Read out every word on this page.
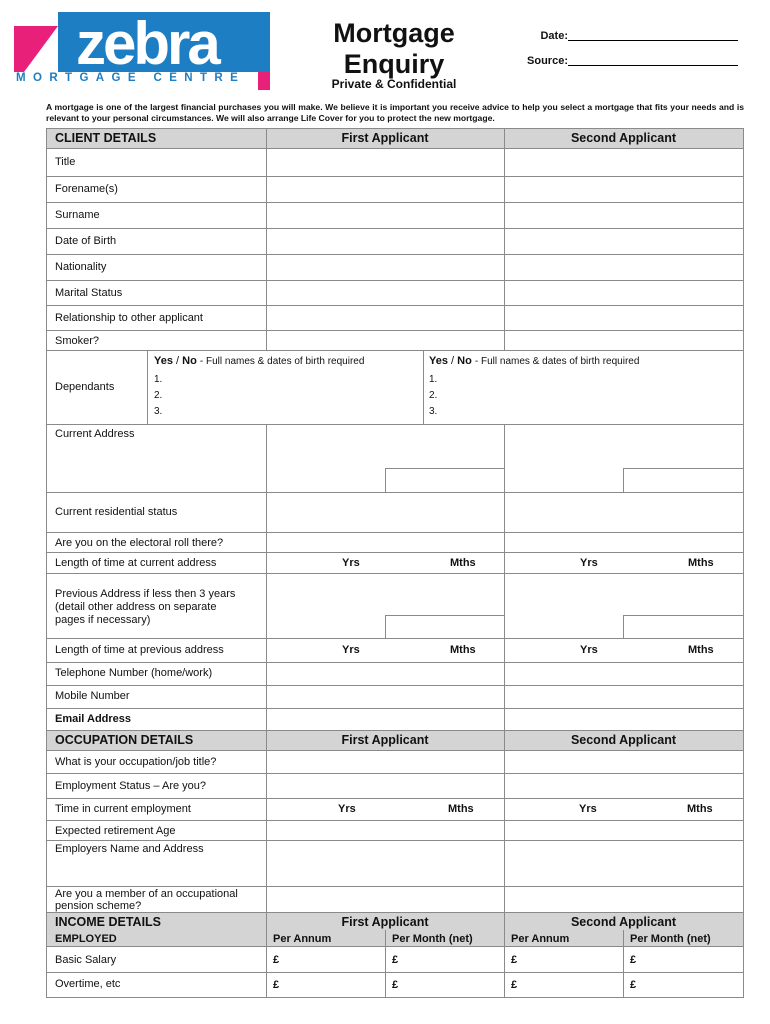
zebra
MORTGAGE CENTRE
Mortgage
Enquiry
Private & Confidential
Date:
Source:
A mortgage is one of the largest financial purchases you will make. We believe it is important you receive advice to help you select a mortgage that fits your needs and is relevant to your personal circumstances. We will also arrange Life Cover for you to protect the new mortgage.
CLIENT DETAILS	First Applicant	Second Applicant
Title
Forename(s)
Surname
Date of Birth
Nationality
Marital Status
Relationship to other applicant
Smoker?
Dependants
Yes / No - Full names & dates of birth required
1.
2.
3.
Yes / No - Full names & dates of birth required
1.
2.
3.
Current Address
Current residential status
Are you on the electoral roll there?
Length of time at current address	Yrs	Mths	Yrs	Mths
Previous Address if less then 3 years
(detail other address on separate
pages if necessary)
Length of time at previous address	Yrs	Mths	Yrs	Mths
Telephone Number (home/work)
Mobile Number
Email Address
OCCUPATION DETAILS	First Applicant	Second Applicant
What is your occupation/job title?
Employment Status – Are you?
Time in current employment	Yrs	Mths	Yrs	Mths
Expected retirement Age
Employers Name and Address
Are you a member of an occupational
pension scheme?
INCOME DETAILS	First Applicant	Second Applicant
EMPLOYED	Per Annum	Per Month (net)	Per Annum	Per Month (net)
Basic Salary	£	£	£	£
Overtime, etc	£	£	£	£
